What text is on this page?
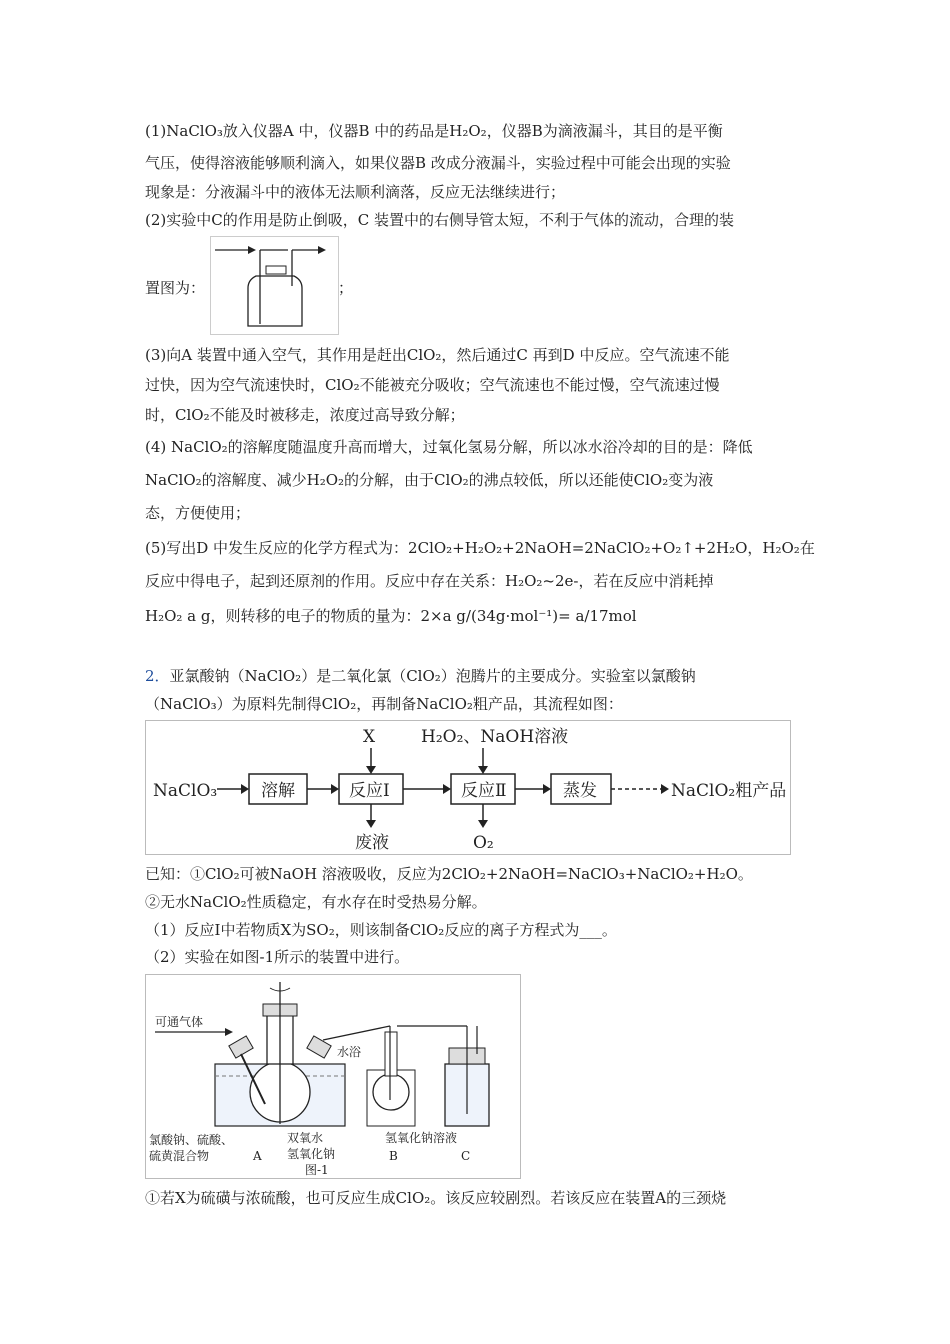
(1)NaClO₃放入仪器A 中，仪器B 中的药品是H₂O₂，仪器B为滴液漏斗，其目的是平衡
气压，使得溶液能够顺利滴入，如果仪器B 改成分液漏斗，实验过程中可能会出现的实验
现象是：分液漏斗中的液体无法顺利滴落，反应无法继续进行；
(2)实验中C的作用是防止倒吸，C 装置中的右侧导管太短，不利于气体的流动，合理的装
置图为：	；
(3)向A 装置中通入空气，其作用是赶出ClO₂，然后通过C 再到D 中反应。空气流速不能
过快，因为空气流速快时，ClO₂不能被充分吸收；空气流速也不能过慢，空气流速过慢
时，ClO₂不能及时被移走，浓度过高导致分解；
(4) NaClO₂的溶解度随温度升高而增大，过氧化氢易分解，所以冰水浴冷却的目的是：降低
NaClO₂的溶解度、减少H₂O₂的分解，由于ClO₂的沸点较低，所以还能使ClO₂变为液
态，方便使用；
(5)写出D 中发生反应的化学方程式为：2ClO₂+H₂O₂+2NaOH=2NaClO₂+O₂↑+2H₂O，H₂O₂在
反应中得电子，起到还原剂的作用。反应中存在关系：H₂O₂~2e-，若在反应中消耗掉
H₂O₂ a g，则转移的电子的物质的量为：2×a g/(34g·mol⁻¹)= a/17mol
2．亚氯酸钠（NaClO₂）是二氧化氯（ClO₂）泡腾片的主要成分。实验室以氯酸钠
（NaClO₃）为原料先制得ClO₂，再制备NaClO₂粗产品，其流程如图：
NaClO₃	溶解	反应Ⅰ
X
废液
反应Ⅱ
H₂O₂、NaOH溶液
O₂
蒸发	NaClO₂粗产品
已知：①ClO₂可被NaOH 溶液吸收，反应为2ClO₂+2NaOH=NaClO₃+NaClO₂+H₂O。
②无水NaClO₂性质稳定，有水存在时受热易分解。
（1）反应Ⅰ中若物质X为SO₂，则该制备ClO₂反应的离子方程式为___。
（2）实验在如图-1所示的装置中进行。
可通气体
水浴
氯酸钠、硫酸、
硫黄混合物
双氧水
氢氧化钠
氢氧化钠溶液
A	B	C
图-1
①若X为硫磺与浓硫酸，也可反应生成ClO₂。该反应较剧烈。若该反应在装置A的三颈烧
